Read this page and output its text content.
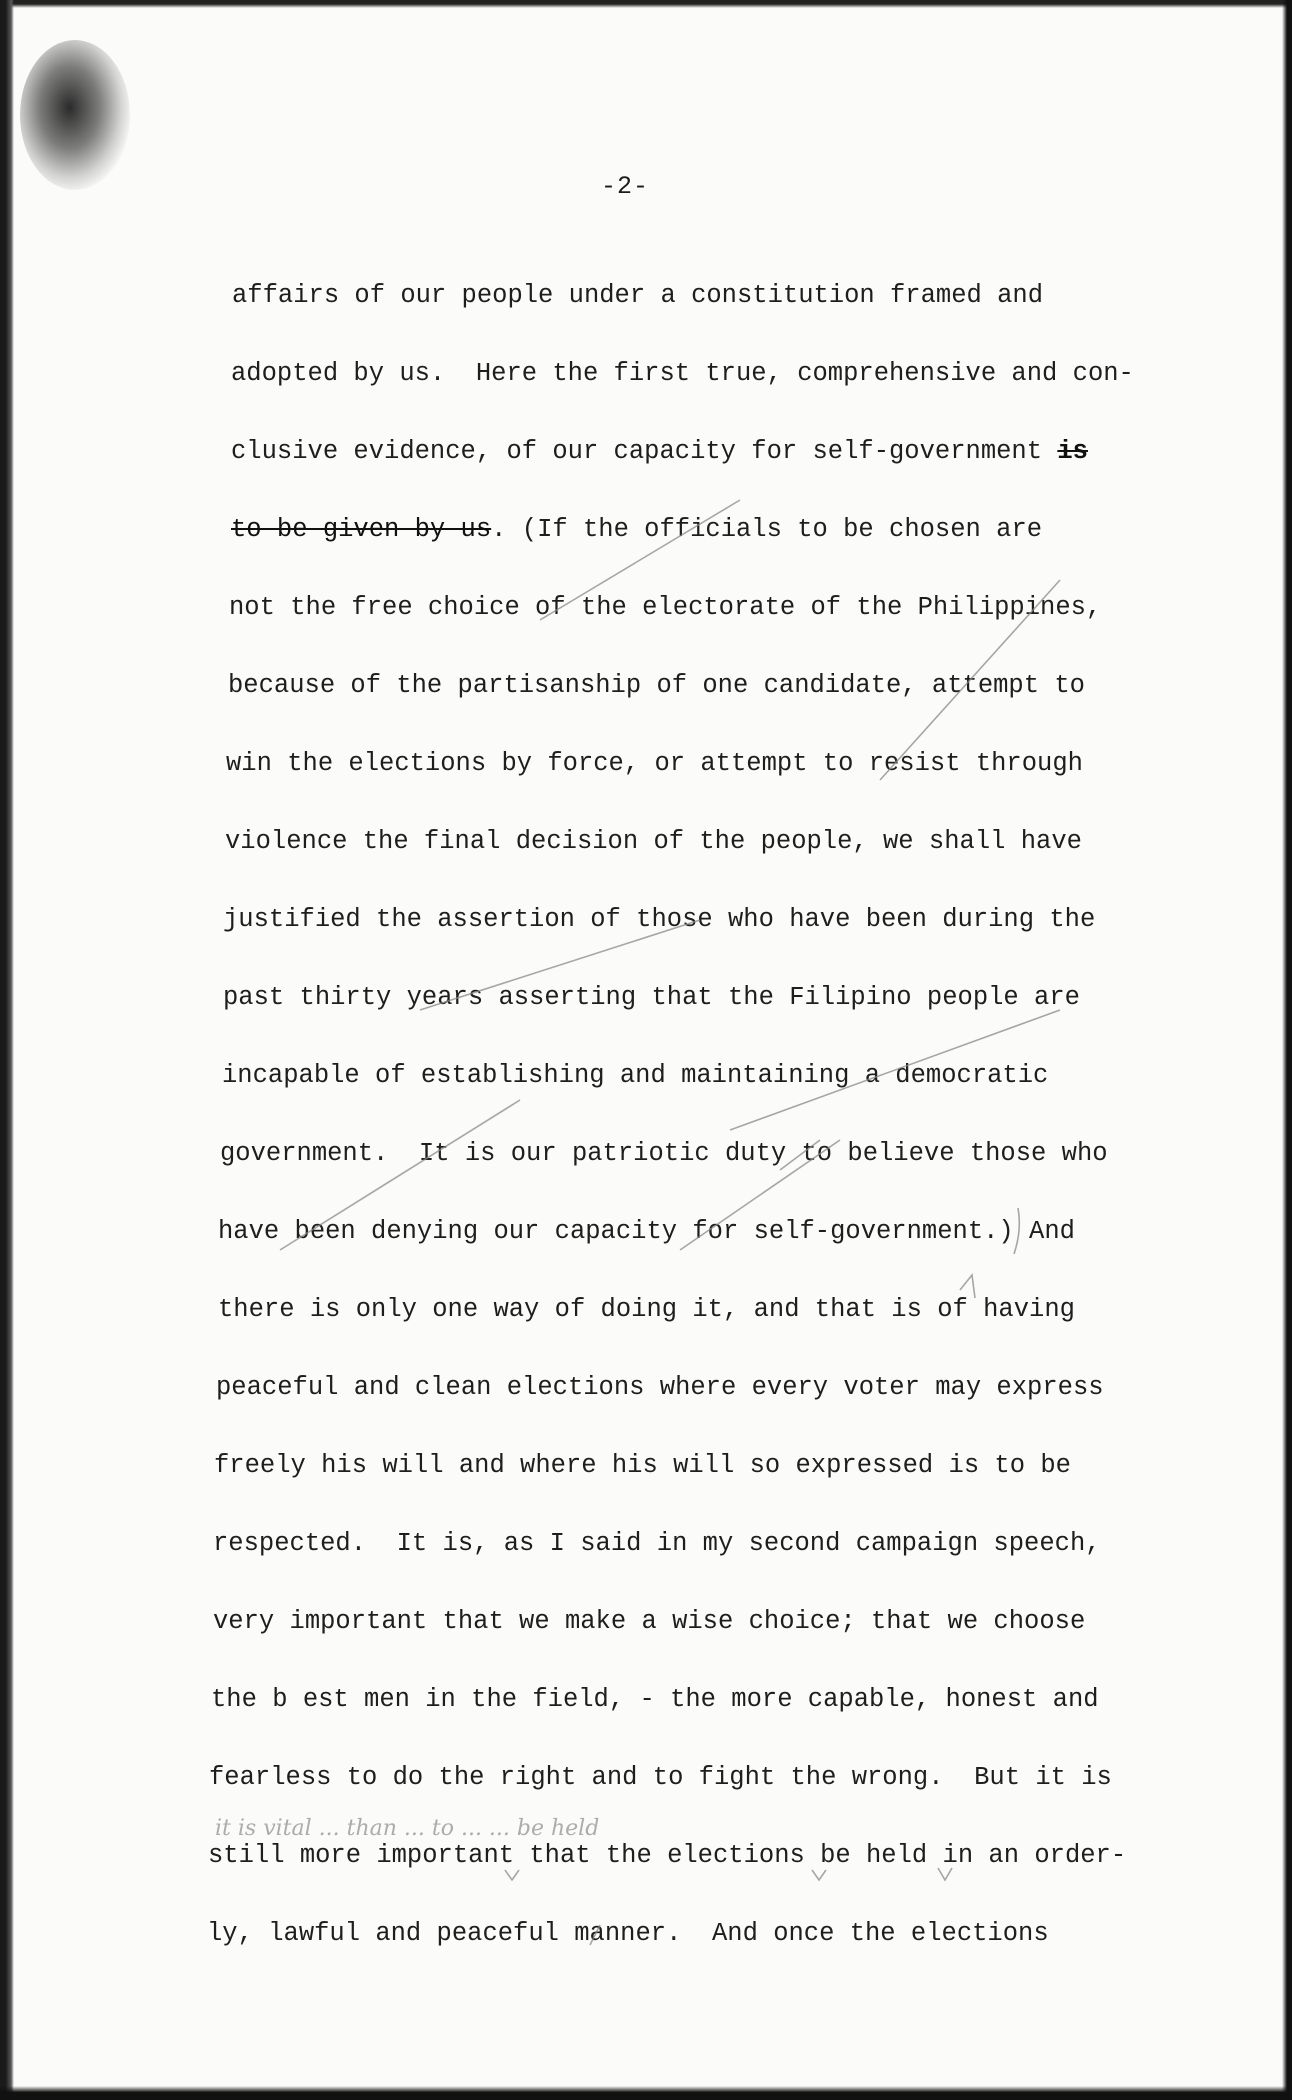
-2-
affairs of our people under a constitution framed and
adopted by us.  Here the first true, comprehensive and con-
clusive evidence, of our capacity for self-government is
to be given by us. (If the officials to be chosen are
not the free choice of the electorate of the Philippines,
because of the partisanship of one candidate, attempt to
win the elections by force, or attempt to resist through
violence the final decision of the people, we shall have
justified the assertion of those who have been during the
past thirty years asserting that the Filipino people are
incapable of establishing and maintaining a democratic
government.  It is our patriotic duty to believe those who
have been denying our capacity for self-government.) And
there is only one way of doing it, and that is of having
peaceful and clean elections where every voter may express
freely his will and where his will so expressed is to be
respected.  It is, as I said in my second campaign speech,
very important that we make a wise choice; that we choose
the b est men in the field, - the more capable, honest and
fearless to do the right and to fight the wrong.  But it is
still more important that the elections be held in an order-
ly, lawful and peaceful manner.  And once the elections
it is vital ... than ... to ... ... be held
